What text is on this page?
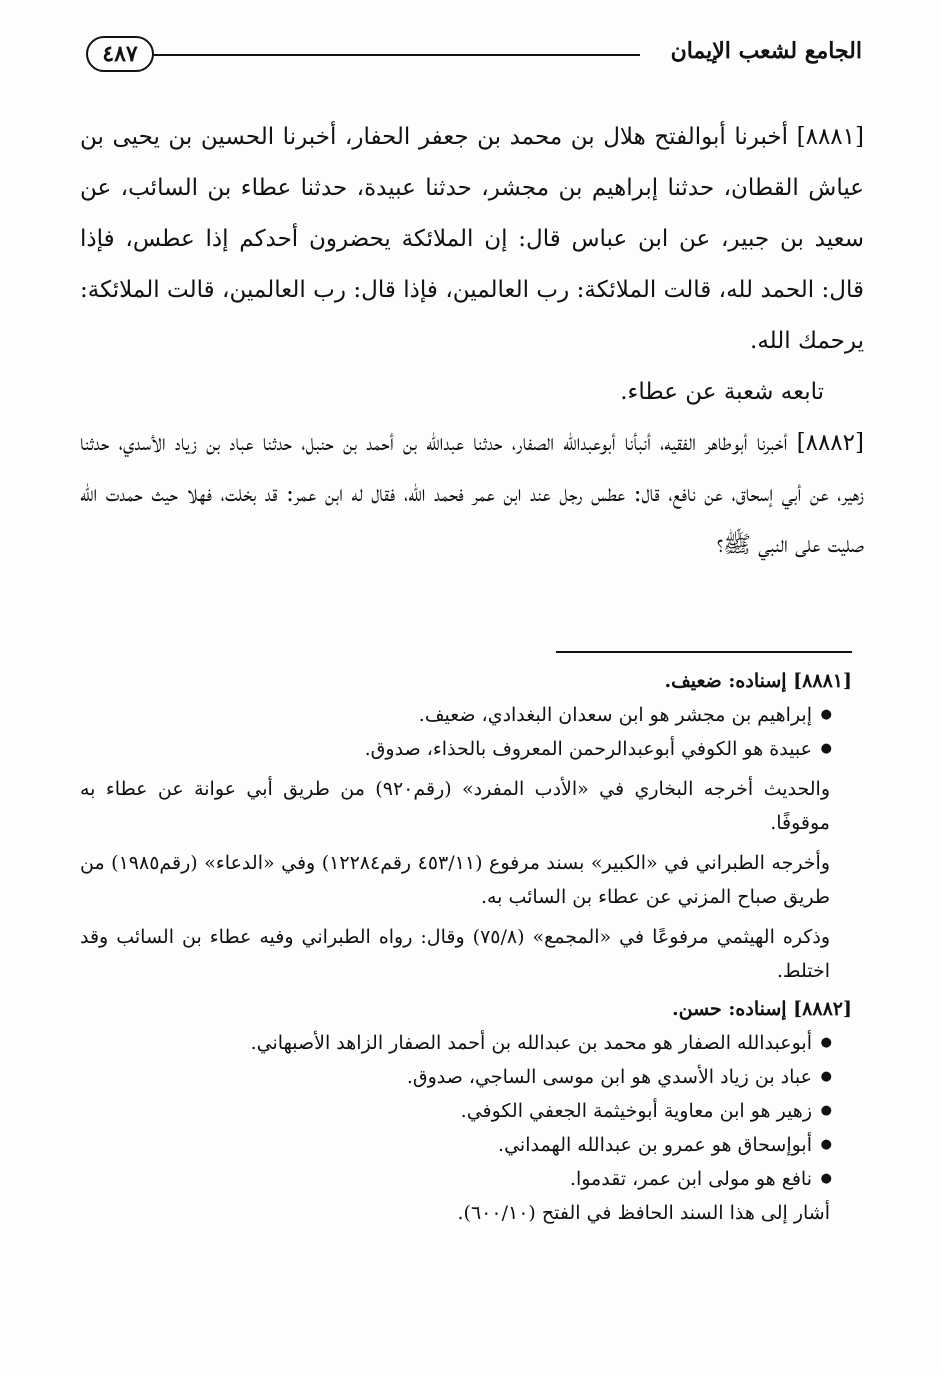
٤٨٧	الجامع لشعب الإيمان

[٨٨٨١] أخبرنا أبوالفتح هلال بن محمد بن جعفر الحفار، أخبرنا الحسين بن يحيى بن عياش القطان، حدثنا إبراهيم بن مجشر، حدثنا عبيدة، حدثنا عطاء بن السائب، عن سعيد بن جبير، عن ابن عباس قال: إن الملائكة يحضرون أحدكم إذا عطس، فإذا قال: الحمد لله، قالت الملائكة: رب العالمين، فإذا قال: رب العالمين، قالت الملائكة: يرحمك الله.

تابعه شعبة عن عطاء.

[٨٨٨٢] أخبرنا أبوطاهر الفقيه، أنبأنا أبوعبدالله الصفار، حدثنا عبدالله بن أحمد بن حنبل، حدثنا عباد بن زياد الأسدي، حدثنا زهير، عن أبي إسحاق، عن نافع، قال: عطس رجل عند ابن عمر فحمد الله، فقال له ابن عمر: قد بخلت، فهلا حيث حمدت الله صليت على النبي ﷺ؟

[٨٨٨١] إسناده: ضعيف.

● إبراهيم بن مجشر هو ابن سعدان البغدادي، ضعيف.
● عبيدة هو الكوفي أبوعبدالرحمن المعروف بالحذاء، صدوق.

والحديث أخرجه البخاري في «الأدب المفرد» (رقم٩٢٠) من طريق أبي عوانة عن عطاء به موقوفًا.

وأخرجه الطبراني في «الكبير» بسند مرفوع (٤٥٣/١١ رقم١٢٢٨٤) وفي «الدعاء» (رقم١٩٨٥) من طريق صباح المزني عن عطاء بن السائب به.

وذكره الهيثمي مرفوعًا في «المجمع» (٧٥/٨) وقال: رواه الطبراني وفيه عطاء بن السائب وقد اختلط.

[٨٨٨٢] إسناده: حسن.

● أبوعبدالله الصفار هو محمد بن عبدالله بن أحمد الصفار الزاهد الأصبهاني.
● عباد بن زياد الأسدي هو ابن موسى الساجي، صدوق.
● زهير هو ابن معاوية أبوخيثمة الجعفي الكوفي.
● أبوإسحاق هو عمرو بن عبدالله الهمداني.
● نافع هو مولى ابن عمر، تقدموا.

أشار إلى هذا السند الحافظ في الفتح (٦٠٠/١٠).
